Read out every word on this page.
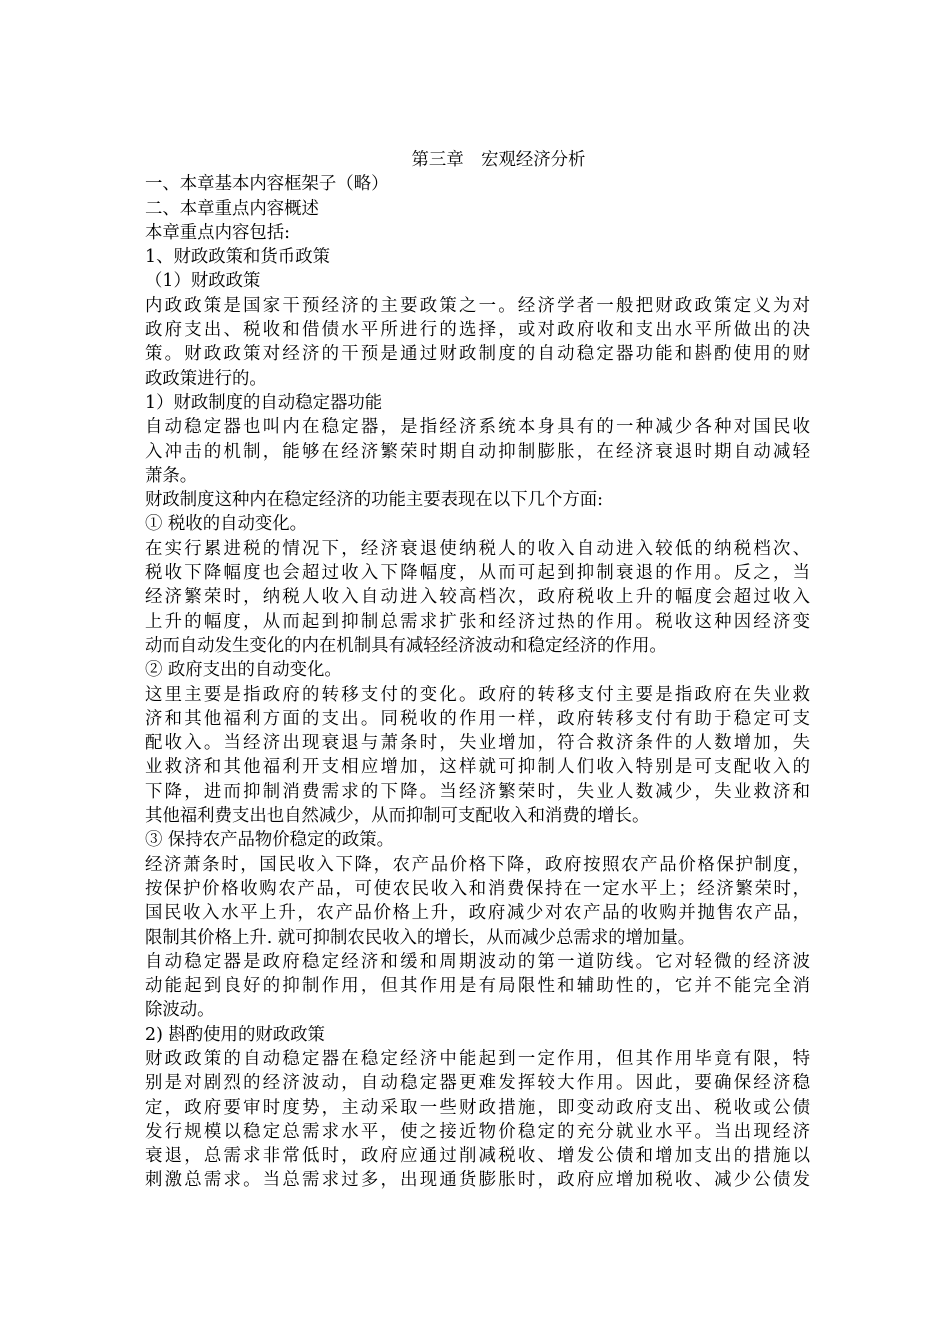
第三章　宏观经济分析
一、本章基本内容框架子（略）
二、本章重点内容概述
本章重点内容包括:
1、财政政策和货币政策
（1）财政政策
内政政策是国家干预经济的主要政策之一。经济学者一般把财政政策定义为对
政府支出、税收和借债水平所进行的选择，或对政府收和支出水平所做出的决
策。财政政策对经济的干预是通过财政制度的自动稳定器功能和斟酌使用的财
政政策进行的。
1）财政制度的自动稳定器功能
自动稳定器也叫内在稳定器，是指经济系统本身具有的一种减少各种对国民收
入冲击的机制，能够在经济繁荣时期自动抑制膨胀，在经济衰退时期自动减轻
萧条。
财政制度这种内在稳定经济的功能主要表现在以下几个方面:
① 税收的自动变化。
在实行累进税的情况下，经济衰退使纳税人的收入自动进入较低的纳税档次、
税收下降幅度也会超过收入下降幅度，从而可起到抑制衰退的作用。反之，当
经济繁荣时，纳税人收入自动进入较高档次，政府税收上升的幅度会超过收入
上升的幅度，从而起到抑制总需求扩张和经济过热的作用。税收这种因经济变
动而自动发生变化的内在机制具有减轻经济波动和稳定经济的作用。
② 政府支出的自动变化。
这里主要是指政府的转移支付的变化。政府的转移支付主要是指政府在失业救
济和其他福利方面的支出。同税收的作用一样，政府转移支付有助于稳定可支
配收入。当经济出现衰退与萧条时，失业增加，符合救济条件的人数增加，失
业救济和其他福利开支相应增加，这样就可抑制人们收入特别是可支配收入的
下降，进而抑制消费需求的下降。当经济繁荣时，失业人数减少，失业救济和
其他福利费支出也自然减少，从而抑制可支配收入和消费的增长。
③ 保持农产品物价稳定的政策。
经济萧条时，国民收入下降，农产品价格下降，政府按照农产品价格保护制度，
按保护价格收购农产品，可使农民收入和消费保持在一定水平上；经济繁荣时，
国民收入水平上升，农产品价格上升，政府减少对农产品的收购并抛售农产品，
限制其价格上升. 就可抑制农民收入的增长，从而减少总需求的增加量。
自动稳定器是政府稳定经济和缓和周期波动的第一道防线。它对轻微的经济波
动能起到良好的抑制作用，但其作用是有局限性和辅助性的，它并不能完全消
除波动。
2) 斟酌使用的财政政策
财政政策的自动稳定器在稳定经济中能起到一定作用，但其作用毕竟有限，特
别是对剧烈的经济波动，自动稳定器更难发挥较大作用。因此，要确保经济稳
定，政府要审时度势，主动采取一些财政措施，即变动政府支出、税收或公债
发行规模以稳定总需求水平，使之接近物价稳定的充分就业水平。当出现经济
衰退，总需求非常低时，政府应通过削减税收、增发公债和增加支出的措施以
刺激总需求。当总需求过多，出现通货膨胀时，政府应增加税收、减少公债发
